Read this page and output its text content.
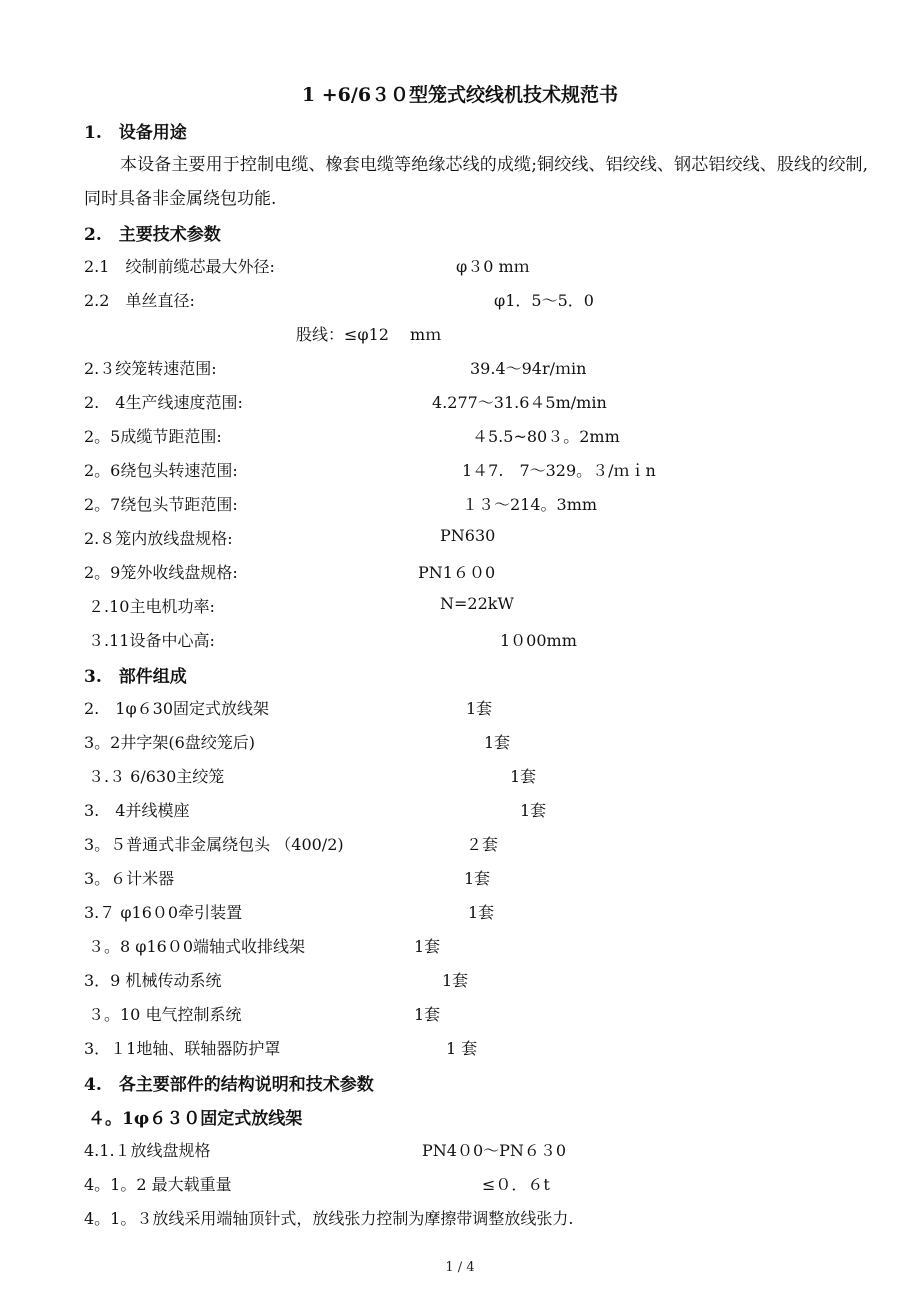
1 +6/6３０型笼式绞线机技术规范书
1.　设备用途
本设备主要用于控制电缆、橡套电缆等绝缘芯线的成缆;铜绞线、铝绞线、钢芯铝绞线、股线的绞制,同时具备非金属绕包功能.
2.　主要技术参数
2.1　绞制前缆芯最大外径:	φ３0 mｍ
2.2　单丝直径:	φ1．5～5．0
股线：≤φ12　 mｍ
2.３绞笼转速范围:	39.4～94r/ｍin
2.　4生产线速度范围:	4.277～31.6４5m/min
2。5成缆节距范围:	４5.5~80３。2mm
2。6绕包头转速范围:	1４7.　7～329。３/ｍｉn
2。7绕包头节距范围:	１３～214。3mm
2.８笼内放线盘规格:	PN630
2。9笼外收线盘规格:	PN1６０0
２.10主电机功率:	N=22kW
３.11设备中心高:	1０00mm
3.　部件组成
2.　1φ６30固定式放线架	1套
3。2井字架(6盘绞笼后)	1套
３.３ 6/630主绞笼	1套
3.　4并线模座	1套
3。５普通式非金属绕包头 （400/2)	２套
3。６计米器	1套
3.７ φ16０0牵引装置	1套
３。8 φ16０0端轴式收排线架	1套
3．9 机械传动系统	1套
３。10 电气控制系统	1套
3．１1地轴、联轴器防护罩	1 套
4.　各主要部件的结构说明和技术参数
４。1φ６３０固定式放线架
4.1.１放线盘规格	PN4０0～PN６３0
4。1。2 最大载重量	≤０．６t
4。1。３放线采用端轴顶针式，放线张力控制为摩擦带调整放线张力.
1 / 4
